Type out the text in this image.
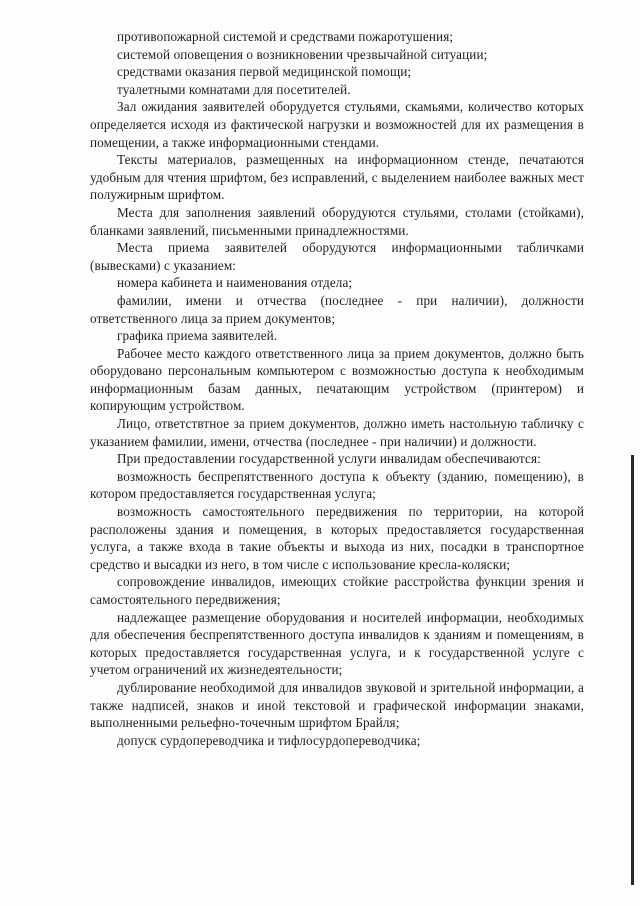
противопожарной системой и средствами пожаротушения;

системой оповещения о возникновении чрезвычайной ситуации;

средствами оказания первой медицинской помощи;

туалетными комнатами для посетителей.

Зал ожидания заявителей оборудуется стульями, скамьями, количество которых определяется исходя из фактической нагрузки и возможностей для их размещения в помещении, а также информационными стендами.

Тексты материалов, размещенных на информационном стенде, печатаются удобным для чтения шрифтом, без исправлений, с выделением наиболее важных мест полужирным шрифтом.

Места для заполнения заявлений оборудуются стульями, столами (стойками), бланками заявлений, письменными принадлежностями.

Места приема заявителей оборудуются информационными табличками (вывесками) с указанием:

номера кабинета и наименования отдела;

фамилии, имени и отчества (последнее - при наличии), должности ответственного лица за прием документов;

графика приема заявителей.

Рабочее место каждого ответственного лица за прием документов, должно быть оборудовано персональным компьютером с возможностью доступа к необходимым информационным базам данных, печатающим устройством (принтером) и копирующим устройством.

Лицо, ответствтное за прием документов, должно иметь настольную табличку с указанием фамилии, имени, отчества (последнее - при наличии) и должности.

При предоставлении государственной услуги инвалидам обеспечиваются:

возможность беспрепятственного доступа к объекту (зданию, помещению), в котором предоставляется государственная услуга;

возможность самостоятельного передвижения по территории, на которой расположены здания и помещения, в которых предоставляется государственная услуга, а также входа в такие объекты и выхода из них, посадки в транспортное средство и высадки из него, в том числе с использование кресла-коляски;

сопровождение инвалидов, имеющих стойкие расстройства функции зрения и самостоятельного передвижения;

надлежащее размещение оборудования и носителей информации, необходимых для обеспечения беспрепятственного доступа инвалидов к зданиям и помещениям, в которых предоставляется государственная услуга, и к государственной услуге с учетом ограничений их жизнедеятельности;

дублирование необходимой для инвалидов звуковой и зрительной информации, а также надписей, знаков и иной текстовой и графической информации знаками, выполненными рельефно-точечным шрифтом Брайля;

допуск сурдопереводчика и тифлосурдопереводчика;
